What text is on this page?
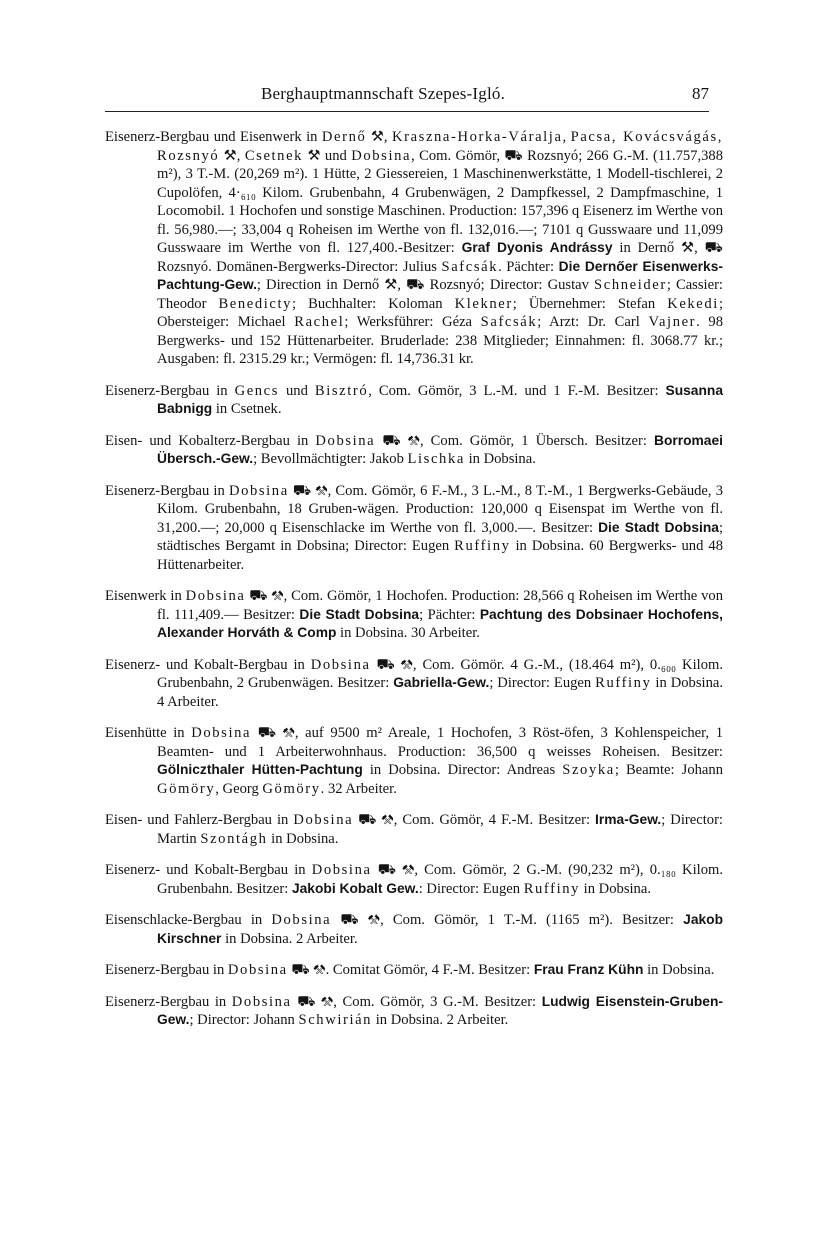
Berghauptmannschaft Szepes-Igló.	87

Eisenerz-Bergbau und Eisenwerk in Dernő ⚒, Kraszna-Horka-Váralja, Pacsa, Kovácsvágás, Rozsnyó ⚒, Csetnek ⚒ und Dobsina, Com. Gömör, ⛟ Rozsnyó; 266 G.-M. (11.757,388 m²), 3 T.-M. (20,269 m²). 1 Hütte, 2 Giessereien, 1 Maschinenwerkstätte, 1 Modell-tischlerei, 2 Cupolöfen, 4·₆₁₀ Kilom. Grubenbahn, 4 Grubenwägen, 2 Dampfkessel, 2 Dampfmaschine, 1 Locomobil. 1 Hochofen und sonstige Maschinen. Production: 157,396 q Eisenerz im Werthe von fl. 56,980.—; 33,004 q Roheisen im Werthe von fl. 132,016.—; 7101 q Gusswaare und 11,099 Gusswaare im Werthe von fl. 127,400.-Besitzer: Graf Dyonis Andrássy in Dernő ⚒, ⛟ Rozsnyó. Domänen-Bergwerks-Director: Julius Safcsák. Pächter: Die Dernőer Eisenwerks-Pachtung-Gew.; Direction in Dernő ⚒, ⛟ Rozsnyó; Director: Gustav Schneider; Cassier: Theodor Benedicty; Buchhalter: Koloman Klekner; Übernehmer: Stefan Kekedi; Obersteiger: Michael Rachel; Werksführer: Géza Safcsák; Arzt: Dr. Carl Vajner. 98 Bergwerks- und 152 Hüttenarbeiter. Bruderlade: 238 Mitglieder; Einnahmen: fl. 3068.77 kr.; Ausgaben: fl. 2315.29 kr.; Vermögen: fl. 14,736.31 kr.

Eisenerz-Bergbau in Gencs und Bisztró, Com. Gömör, 3 L.-M. und 1 F.-M. Besitzer: Susanna Babnigg in Csetnek.

Eisen- und Kobalterz-Bergbau in Dobsina ⛟ ⚒, Com. Gömör, 1 Übersch. Besitzer: Borromaei Übersch.-Gew.; Bevollmächtigter: Jakob Lischka in Dobsina.

Eisenerz-Bergbau in Dobsina ⛟ ⚒, Com. Gömör, 6 F.-M., 3 L.-M., 8 T.-M., 1 Bergwerks-Gebäude, 3 Kilom. Grubenbahn, 18 Gruben-wägen. Production: 120,000 q Eisenspat im Werthe von fl. 31,200.—; 20,000 q Eisenschlacke im Werthe von fl. 3,000.—. Besitzer: Die Stadt Dobsina; städtisches Bergamt in Dobsina; Director: Eugen Ruffiny in Dobsina. 60 Bergwerks- und 48 Hüttenarbeiter.

Eisenwerk in Dobsina ⛟ ⚒, Com. Gömör, 1 Hochofen. Production: 28,566 q Roheisen im Werthe von fl. 111,409.— Besitzer: Die Stadt Dobsina; Pächter: Pachtung des Dobsinaer Hochofens, Alexander Horváth & Comp in Dobsina. 30 Arbeiter.

Eisenerz- und Kobalt-Bergbau in Dobsina ⛟ ⚒, Com. Gömör. 4 G.-M., (18.464 m²), 0.₆₀₀ Kilom. Grubenbahn, 2 Grubenwägen. Besitzer: Gabriella-Gew.; Director: Eugen Ruffiny in Dobsina. 4 Arbeiter.

Eisenhütte in Dobsina ⛟ ⚒, auf 9500 m² Areale, 1 Hochofen, 3 Röst-öfen, 3 Kohlenspeicher, 1 Beamten- und 1 Arbeiterwohnhaus. Production: 36,500 q weisses Roheisen. Besitzer: Gölniczthaler Hütten-Pachtung in Dobsina. Director: Andreas Szoyka; Beamte: Johann Gömöry, Georg Gömöry. 32 Arbeiter.

Eisen- und Fahlerz-Bergbau in Dobsina ⛟ ⚒, Com. Gömör, 4 F.-M. Besitzer: Irma-Gew.; Director: Martin Szontágh in Dobsina.

Eisenerz- und Kobalt-Bergbau in Dobsina ⛟ ⚒, Com. Gömör, 2 G.-M. (90,232 m²), 0.₁₈₀ Kilom. Grubenbahn. Besitzer: Jakobi Kobalt Gew.: Director: Eugen Ruffiny in Dobsina.

Eisenschlacke-Bergbau in Dobsina ⛟ ⚒, Com. Gömör, 1 T.-M. (1165 m²). Besitzer: Jakob Kirschner in Dobsina. 2 Arbeiter.

Eisenerz-Bergbau in Dobsina ⛟ ⚒. Comitat Gömör, 4 F.-M. Besitzer: Frau Franz Kühn in Dobsina.

Eisenerz-Bergbau in Dobsina ⛟ ⚒, Com. Gömör, 3 G.-M. Besitzer: Ludwig Eisenstein-Gruben-Gew.; Director: Johann Schwirián in Dobsina. 2 Arbeiter.
